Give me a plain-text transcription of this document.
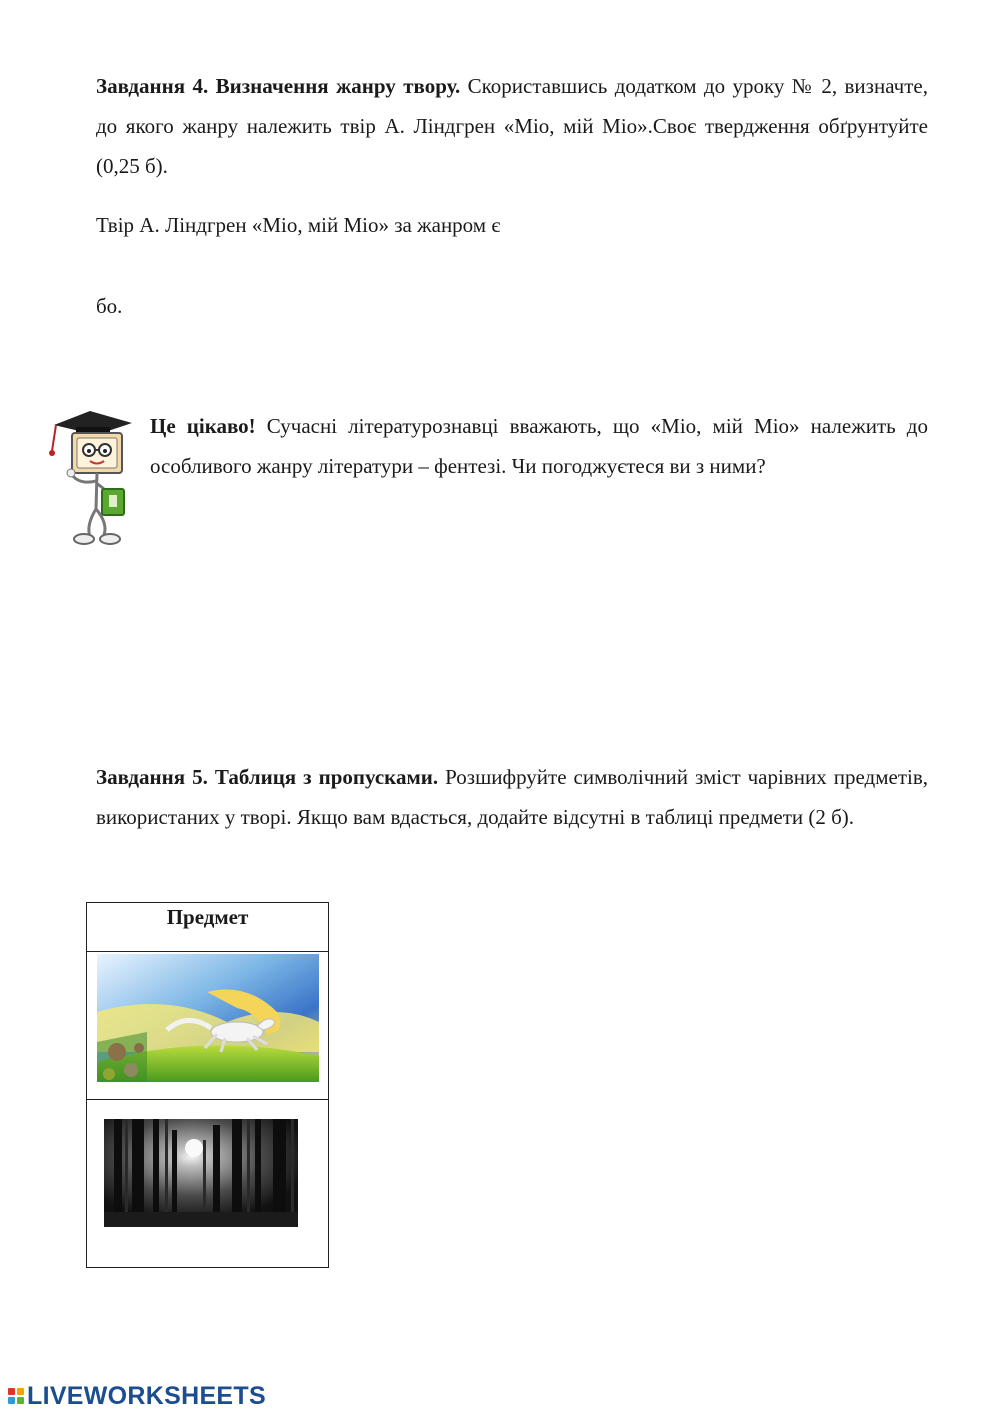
Завдання 4. Визначення жанру твору. Скориставшись додатком до уроку № 2, визначте, до якого жанру належить твір А. Ліндгрен «Міо, мій Міо».Своє твердження обґрунтуйте (0,25 б).
Твір А. Ліндгрен «Міо, мій Міо» за жанром є
бо.
Це цікаво! Сучасні літературознавці вважають, що «Міо, мій Міо» належить до особливого жанру літератури – фентезі. Чи погоджуєтеся ви з ними?
Завдання 5. Таблиця з пропусками. Розшифруйте символічний зміст чарівних предметів, використаних у творі. Якщо вам вдасться, додайте відсутні в таблиці предмети (2 б).
Предмет

LIVEWORKSHEETS
